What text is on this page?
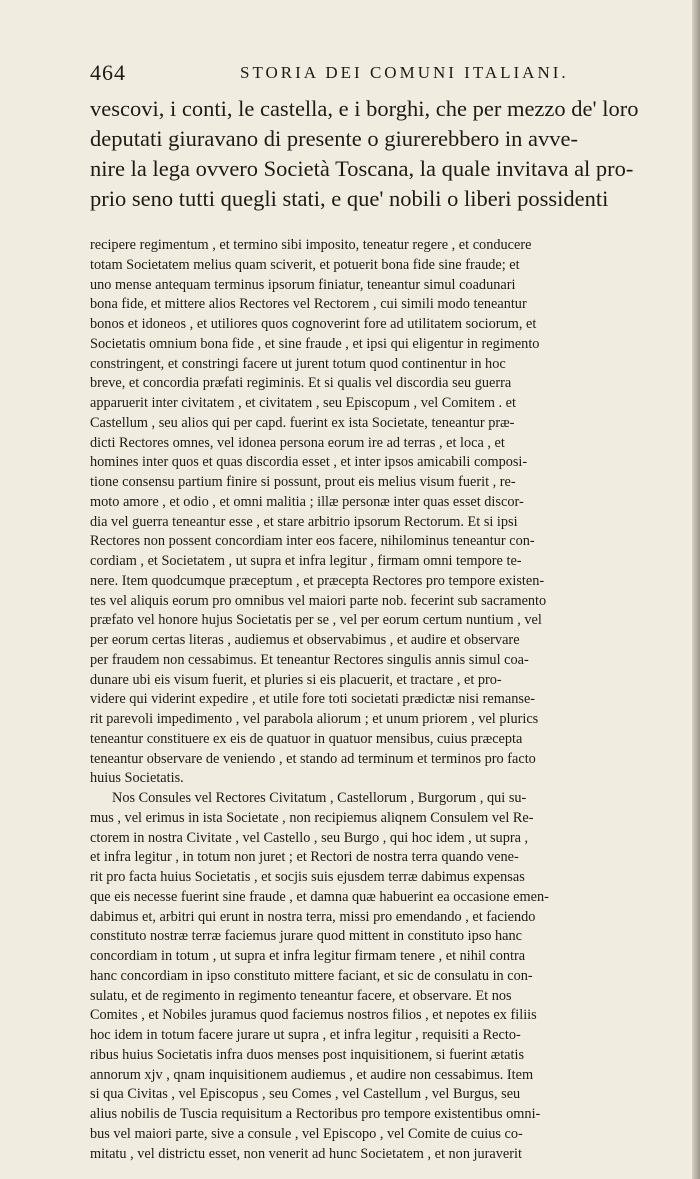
464	STORIA DEI COMUNI ITALIANI.

vescovi, i conti, le castella, e i borghi, che per mezzo de' loro
deputati giuravano di presente o giurerebbero in avve-
nire la lega ovvero Società Toscana, la quale invitava al pro-
prio seno tutti quegli stati, e que' nobili o liberi possidenti

recipere regimentum , et termino sibi imposito, teneatur regere , et conducere
totam Societatem melius quam sciverit, et potuerit bona fide sine fraude; et
uno mense antequam terminus ipsorum finiatur, teneantur simul coadunari
bona fide, et mittere alios Rectores vel Rectorem , cui simili modo teneantur
bonos et idoneos , et utiliores quos cognoverint fore ad utilitatem sociorum, et
Societatis omnium bona fide , et sine fraude , et ipsi qui eligentur in regimento
constringent, et constringi facere ut jurent totum quod continentur in hoc
breve, et concordia præfati regiminis. Et si qualis vel discordia seu guerra
apparuerit inter civitatem , et civitatem , seu Episcopum , vel Comitem . et
Castellum , seu alios qui per capd. fuerint ex ista Societate, teneantur præ-
dicti Rectores omnes, vel idonea persona eorum ire ad terras , et loca , et
homines inter quos et quas discordia esset , et inter ipsos amicabili composi-
tione consensu partium finire si possunt, prout eis melius visum fuerit , re-
moto amore , et odio , et omni malitia ; illæ personæ inter quas esset discor-
dia vel guerra teneantur esse , et stare arbitrio ipsorum Rectorum. Et si ipsi
Rectores non possent concordiam inter eos facere, nihilominus teneantur con-
cordiam , et Societatem , ut supra et infra legitur , firmam omni tempore te-
nere. Item quodcumque præceptum , et præcepta Rectores pro tempore existen-
tes vel aliquis eorum pro omnibus vel maiori parte nob. fecerint sub sacramento
præfato vel honore hujus Societatis per se , vel per eorum certum nuntium , vel
per eorum certas literas , audiemus et observabimus , et audire et observare
per fraudem non cessabimus. Et teneantur Rectores singulis annis simul coa-
dunare ubi eis visum fuerit, et pluries si eis placuerit, et tractare , et pro-
videre qui viderint expedire , et utile fore toti societati prædictæ nisi remanse-
rit parevoli impedimento , vel parabola aliorum ; et unum priorem , vel plurics
teneantur constituere ex eis de quatuor in quatuor mensibus, cuius præcepta
teneantur observare de veniendo , et stando ad terminum et terminos pro facto
huius Societatis.
Nos Consules vel Rectores Civitatum , Castellorum , Burgorum , qui su-
mus , vel erimus in ista Societate , non recipiemus aliqnem Consulem vel Re-
ctorem in nostra Civitate , vel Castello , seu Burgo , qui hoc idem , ut supra ,
et infra legitur , in totum non juret ; et Rectori de nostra terra quando vene-
rit pro facta huius Societatis , et socjis suis ejusdem terræ dabimus expensas
que eis necesse fuerint sine fraude , et damna quæ habuerint ea occasione emen-
dabimus et, arbitri qui erunt in nostra terra, missi pro emendando , et faciendo
constituto nostræ terræ faciemus jurare quod mittent in constituto ipso hanc
concordiam in totum , ut supra et infra legitur firmam tenere , et nihil contra
hanc concordiam in ipso constituto mittere faciant, et sic de consulatu in con-
sulatu, et de regimento in regimento teneantur facere, et observare. Et nos
Comites , et Nobiles juramus quod faciemus nostros filios , et nepotes ex filiis
hoc idem in totum facere jurare ut supra , et infra legitur , requisiti a Recto-
ribus huius Societatis infra duos menses post inquisitionem, si fuerint ætatis
annorum xjv , qnam inquisitionem audiemus , et audire non cessabimus. Item
si qua Civitas , vel Episcopus , seu Comes , vel Castellum , vel Burgus, seu
alius nobilis de Tuscia requisitum a Rectoribus pro tempore existentibus omni-
bus vel maiori parte, sive a consule , vel Episcopo , vel Comite de cuius co-
mitatu , vel districtu esset, non venerit ad hunc Societatem , et non juraverit
